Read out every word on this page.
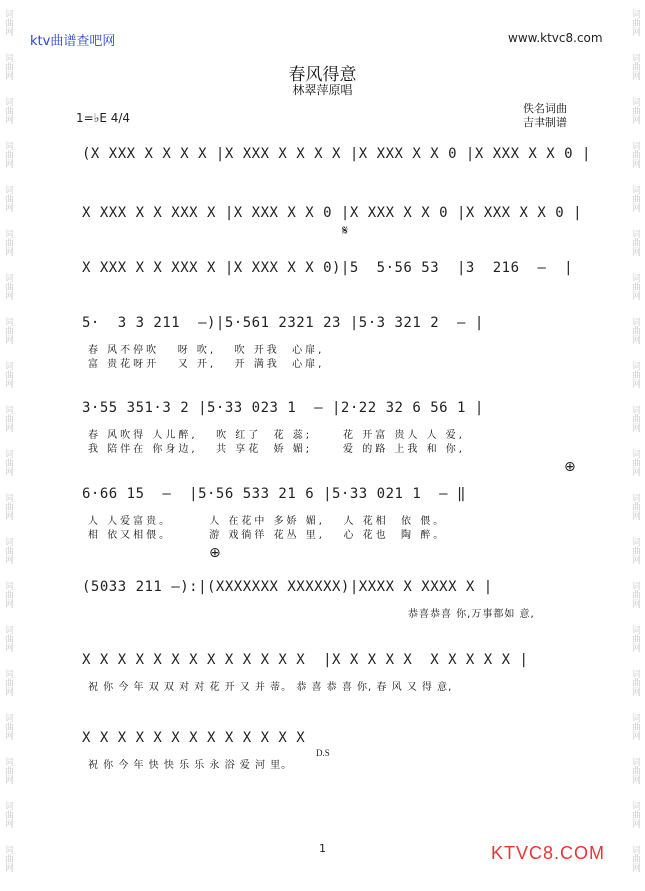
词曲网
词曲网
词曲网
词曲网
词曲网
词曲网
词曲网
词曲网
词曲网
词曲网
词曲网
词曲网
词曲网
词曲网
词曲网
词曲网
词曲网
词曲网
词曲网
词曲网
词曲网
词曲网
词曲网
词曲网
词曲网
词曲网
词曲网
词曲网
词曲网
词曲网
词曲网
词曲网
词曲网
词曲网
词曲网
词曲网
词曲网
词曲网
词曲网
词曲网
ktv曲谱查吧网	www.ktvc8.com
春风得意
林翠萍原唱
佚名词曲
吉聿制谱
1=♭E 4/4
(X XXX X X X X |X XXX X X X X |X XXX X X 0 |X XXX X X 0 |
X XXX X X XXX X |X XXX X X 0 |X XXX X X 0 |X XXX X X 0 |
𝄋
X XXX X X XXX X |X XXX X X 0)|5  5·56 53  |3  216  —  |
5·  3 3 211  —)|5·561 2321 23 |5·3 321 2  — |
春 风不停吹   呀 吹,   吹 开我  心扉,
富 贵花呀开   又 开,   开 满我  心扉,
3·55 351·3 2 |5·33 023 1  — |2·22 32 6 56 1 |
春 风吹得 人儿醉,   吹 红了  花 蕊;     花 开富 贵人 人 爱,
我 陪伴在 你身边,   共 享花  娇 媚;     爱 的路 上我 和 你,
6·66 15  —  |5·56 533 21 6 |5·33 021 1  — ‖
人 人爱富贵。      人 在花中 多娇 媚,   人 花相  依 偎。
相 依又相偎。      游 戏徜徉 花丛 里,   心 花也  陶 醉。
(5033 211 —):|(XXXXXXX XXXXXX)|XXXX X XXXX X |
恭喜恭喜 你,万事都如 意,
X X X X X X X X X X X X X  |X X X X X  X X X X X |
祝 你 今 年 双 双 对 对 花 开 又 并 蒂。 恭 喜 恭 喜 你, 春 风 又 得 意,
X X X X X X X X X X X X X
祝 你 今 年 快 快 乐 乐 永 浴 爱 河 里。
⊕
⊕
D.S
1	KTVC8.COM
